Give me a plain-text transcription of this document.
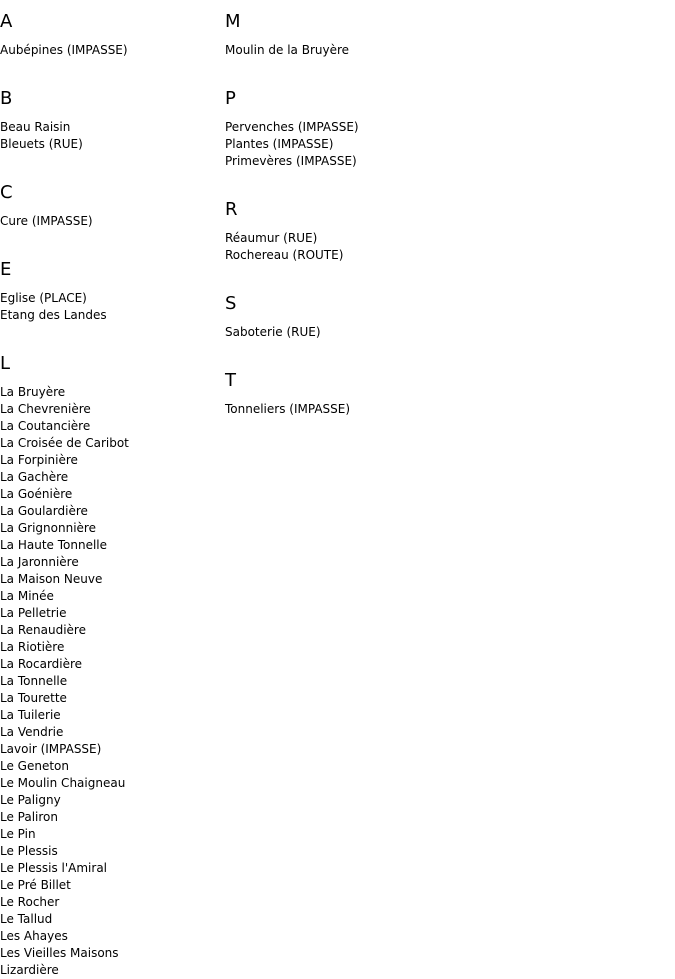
A
Aubépines (IMPASSE)
B
Beau Raisin
Bleuets (RUE)
C
Cure (IMPASSE)
E
Eglise (PLACE)
Etang des Landes
L
La Bruyère
La Chevrenière
La Coutancière
La Croisée de Caribot
La Forpinière
La Gachère
La Goénière
La Goulardière
La Grignonnière
La Haute Tonnelle
La Jaronnière
La Maison Neuve
La Minée
La Pelletrie
La Renaudière
La Riotière
La Rocardière
La Tonnelle
La Tourette
La Tuilerie
La Vendrie
Lavoir (IMPASSE)
Le Geneton
Le Moulin Chaigneau
Le Paligny
Le Paliron
Le Pin
Le Plessis
Le Plessis l'Amiral
Le Pré Billet
Le Rocher
Le Tallud
Les Ahayes
Les Vieilles Maisons
Lizardière
M
Moulin de la Bruyère
P
Pervenches (IMPASSE)
Plantes (IMPASSE)
Primevères (IMPASSE)
R
Réaumur (RUE)
Rochereau (ROUTE)
S
Saboterie (RUE)
T
Tonneliers (IMPASSE)
